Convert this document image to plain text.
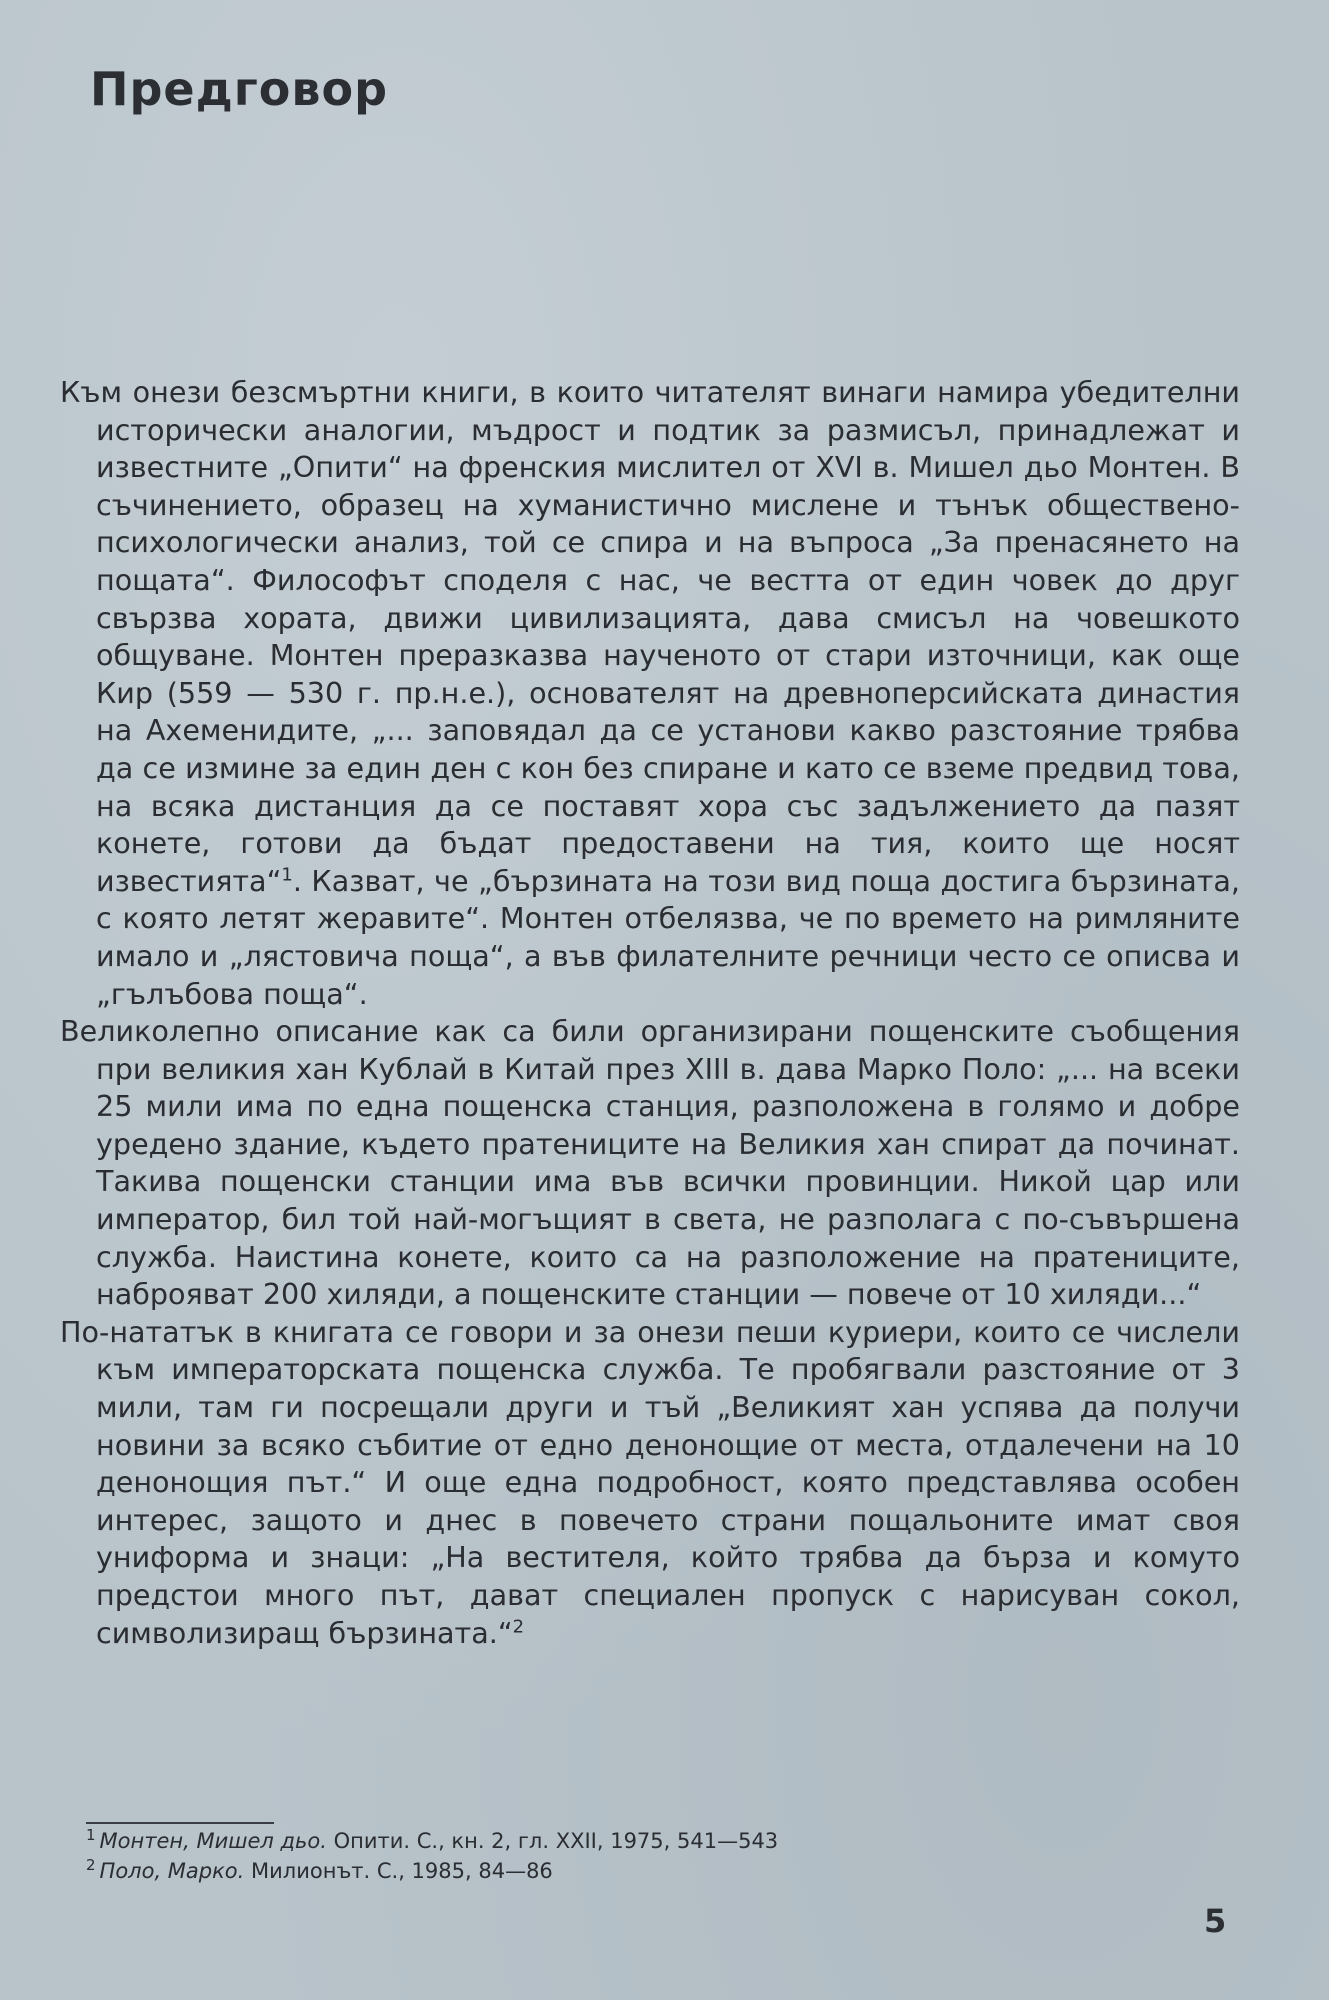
Предговор

Към онези безсмъртни книги, в които читателят винаги намира убедителни исторически аналогии, мъдрост и подтик за размисъл, принадлежат и известните „Опити“ на френския мислител от XVI в. Мишел дьо Монтен. В съчинението, образец на хуманистично мислене и тънък обществено-психологически анализ, той се спира и на въпроса „За пренасянето на пощата“. Философът споделя с нас, че вестта от един човек до друг свързва хората, движи цивилизацията, дава смисъл на човешкото общуване. Монтен преразказва наученото от стари източници, как още Кир (559 — 530 г. пр.н.е.), основателят на древноперсийската династия на Ахеменидите, „... заповядал да се установи какво разстояние трябва да се измине за един ден с кон без спиране и като се вземе предвид това, на всяка дистанция да се поставят хора със задължението да пазят конете, готови да бъдат предоставени на тия, които ще носят известията“$^1$. Казват, че „бързината на този вид поща достига бързината, с която летят жеравите“. Монтен отбелязва, че по времето на римляните имало и „лястовича поща“, а във филателните речници често се описва и „гълъбова поща“.

Великолепно описание как са били организирани пощенските съобщения при великия хан Кублай в Китай през XIII в. дава Марко Поло: „... на всеки 25 мили има по една пощенска станция, разположена в голямо и добре уредено здание, където пратениците на Великия хан спират да починат. Такива пощенски станции има във всички провинции. Никой цар или император, бил той най-могъщият в света, не разполага с по-съвършена служба. Наистина конете, които са на разположение на пратениците, наброяват 200 хиляди, а пощенските станции — повече от 10 хиляди...“

По-нататък в книгата се говори и за онези пеши куриери, които се числели към императорската пощенска служба. Те пробягвали разстояние от 3 мили, там ги посрещали други и тъй „Великият хан успява да получи новини за всяко събитие от едно денонощие от места, отдалечени на 10 денонощия път.“ И още една подробност, която представлява особен интерес, защото и днес в повечето страни пощальоните имат своя униформа и знаци: „На вестителя, който трябва да бърза и комуто предстои много път, дават специален пропуск с нарисуван сокол, символизиращ бързината.“$^2$

$^1$ Монтен, Мишел дьо. Опити. С., кн. 2, гл. XXII, 1975, 541—543

$^2$ Поло, Марко. Милионът. С., 1985, 84—86

5
